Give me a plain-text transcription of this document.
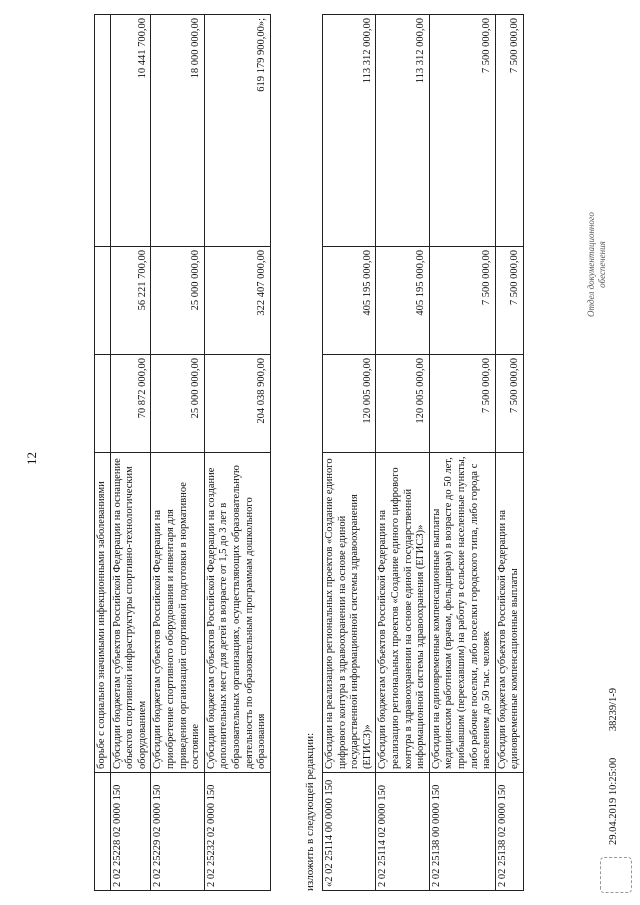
12
	борьбе с социально значимыми инфекционными заболеваниями			
2 02 25228 02 0000 150	Субсидии бюджетам субъектов Российской Федерации на оснащение объектов спортивной инфраструктуры спортивно-технологическим оборудованием	70 872 000,00	56 221 700,00	10 441 700,00
2 02 25229 02 0000 150	Субсидии бюджетам субъектов Российской Федерации на приобретение спортивного оборудования и инвентаря для приведения организаций спортивной подготовки в нормативное состояние	25 000 000,00	25 000 000,00	18 000 000,00
2 02 25232 02 0000 150	Субсидии бюджетам субъектов Российской Федерации на создание дополнительных мест для детей в возрасте от 1,5 до 3 лет в образовательных организациях, осуществляющих образовательную деятельность по образовательным программам дошкольного образования	204 038 900,00	322 407 000,00	619 179 900,00»;
изложить в следующей редакции: «2 02 25114 00 0000 150	Субсидии на реализацию региональных проектов «Создание единого цифрового контура в здравоохранении на основе единой государственной информационной системы здравоохранения (ЕГИСЗ)»	120 005 000,00	405 195 000,00	113 312 000,00
2 02 25114 02 0000 150	Субсидии бюджетам субъектов Российской Федерации на реализацию региональных проектов «Создание единого цифрового контура в здравоохранении на основе единой государственной информационной системы здравоохранения (ЕГИСЗ)»	120 005 000,00	405 195 000,00	113 312 000,00
2 02 25138 00 0000 150	Субсидии на единовременные компенсационные выплаты медицинским работникам (врачам, фельдшерам) в возрасте до 50 лет, прибывшим (переехавшим) на работу в сельские населенные пункты, либо рабочие поселки, либо поселки городского типа, либо города с населением до 50 тыс. человек	7 500 000,00	7 500 000,00	7 500 000,00
2 02 25138 02 0000 150	Субсидии бюджетам субъектов Российской Федерации на единовременные компенсационные выплаты	7 500 000,00	7 500 000,00	7 500 000,00
29.04.2019 10:25:00 38239/1-9
Отдел документационного обеспечения
